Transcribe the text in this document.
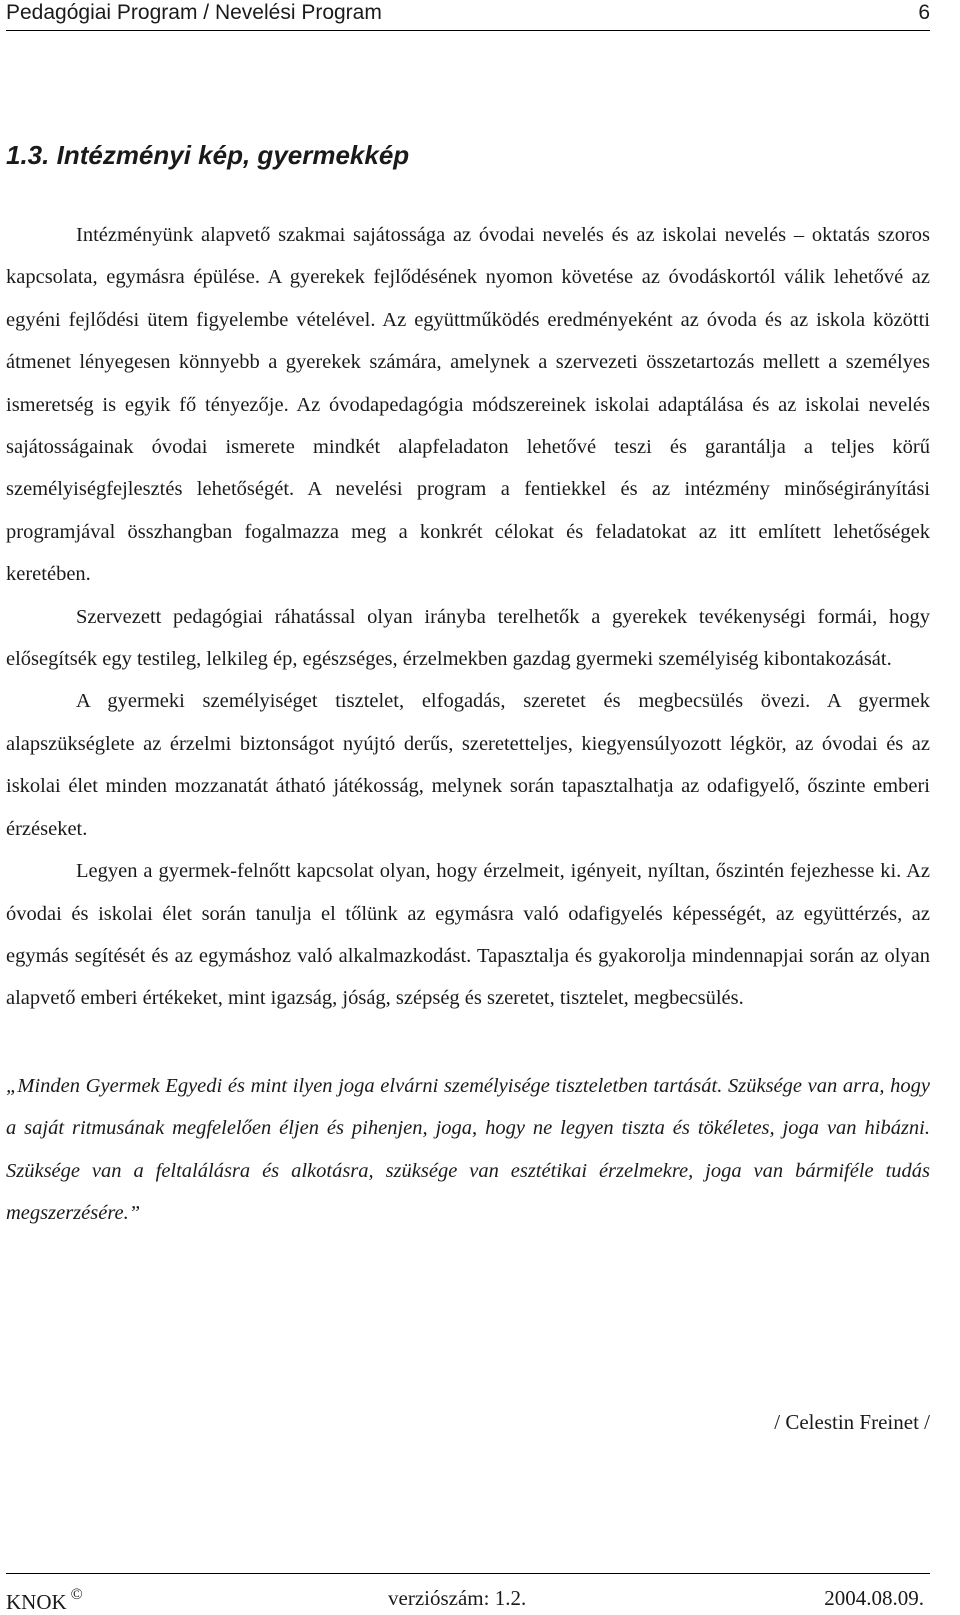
Pedagógiai Program / Nevelési Program	6
1.3. Intézményi kép, gyermekkép

Intézményünk alapvető szakmai sajátossága az óvodai nevelés és az iskolai nevelés – oktatás szoros kapcsolata, egymásra épülése. A gyerekek fejlődésének nyomon követése az óvodáskortól válik lehetővé az egyéni fejlődési ütem figyelembe vételével. Az együttműködés eredményeként az óvoda és az iskola közötti átmenet lényegesen könnyebb a gyerekek számára, amelynek a szervezeti összetartozás mellett a személyes ismeretség is egyik fő tényezője. Az óvodapedagógia módszereinek iskolai adaptálása és az iskolai nevelés sajátosságainak óvodai ismerete mindkét alapfeladaton lehetővé teszi és garantálja a teljes körű személyiségfejlesztés lehetőségét. A nevelési program a fentiekkel és az intézmény minőségirányítási programjával összhangban fogalmazza meg a konkrét célokat és feladatokat az itt említett lehetőségek keretében.

Szervezett pedagógiai ráhatással olyan irányba terelhetők a gyerekek tevékenységi formái, hogy elősegítsék egy testileg, lelkileg ép, egészséges, érzelmekben gazdag gyermeki személyiség kibontakozását.

A gyermeki személyiséget tisztelet, elfogadás, szeretet és megbecsülés övezi. A gyermek alapszükséglete az érzelmi biztonságot nyújtó derűs, szeretetteljes, kiegyensúlyozott légkör, az óvodai és az iskolai élet minden mozzanatát átható játékosság, melynek során tapasztalhatja az odafigyelő, őszinte emberi érzéseket.

Legyen a gyermek-felnőtt kapcsolat olyan, hogy érzelmeit, igényeit, nyíltan, őszintén fejezhesse ki. Az óvodai és iskolai élet során tanulja el tőlünk az egymásra való odafigyelés képességét, az együttérzés, az egymás segítését és az egymáshoz való alkalmazkodást. Tapasztalja és gyakorolja mindennapjai során az olyan alapvető emberi értékeket, mint igazság, jóság, szépség és szeretet, tisztelet, megbecsülés.

„Minden Gyermek Egyedi és mint ilyen joga elvárni személyisége tiszteletben tartását. Szüksége van arra, hogy a saját ritmusának megfelelően éljen és pihenjen, joga, hogy ne legyen tiszta és tökéletes, joga van hibázni. Szüksége van a feltalálásra és alkotásra, szüksége van esztétikai érzelmekre, joga van bármiféle tudás megszerzésére.”

/ Celestin Freinet /
KNOK ©	verziószám: 1.2.	2004.08.09.
